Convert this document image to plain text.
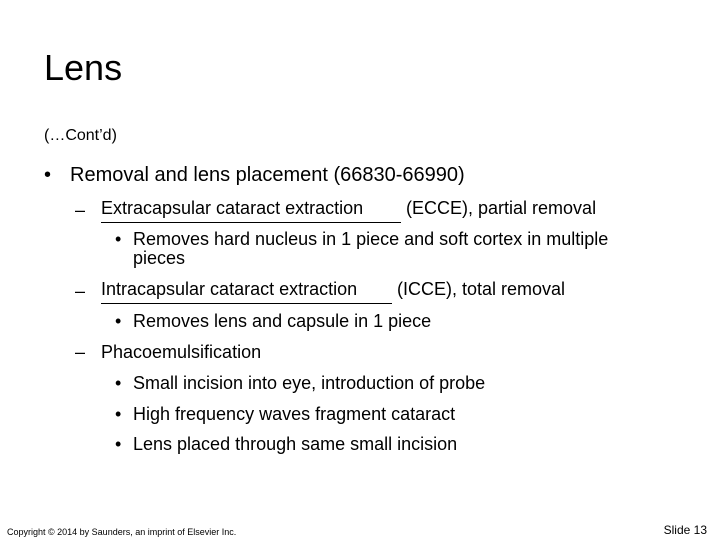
Lens
(…Cont’d)
• Removal and lens placement (66830-66990)
– Extracapsular cataract extraction (ECCE), partial removal
• Removes hard nucleus in 1 piece and soft cortex in multiple
pieces
– Intracapsular cataract extraction (ICCE), total removal
• Removes lens and capsule in 1 piece
– Phacoemulsification
• Small incision into eye, introduction of probe
• High frequency waves fragment cataract
• Lens placed through same small incision
Copyright © 2014 by Saunders, an imprint of Elsevier Inc.	Slide 13
